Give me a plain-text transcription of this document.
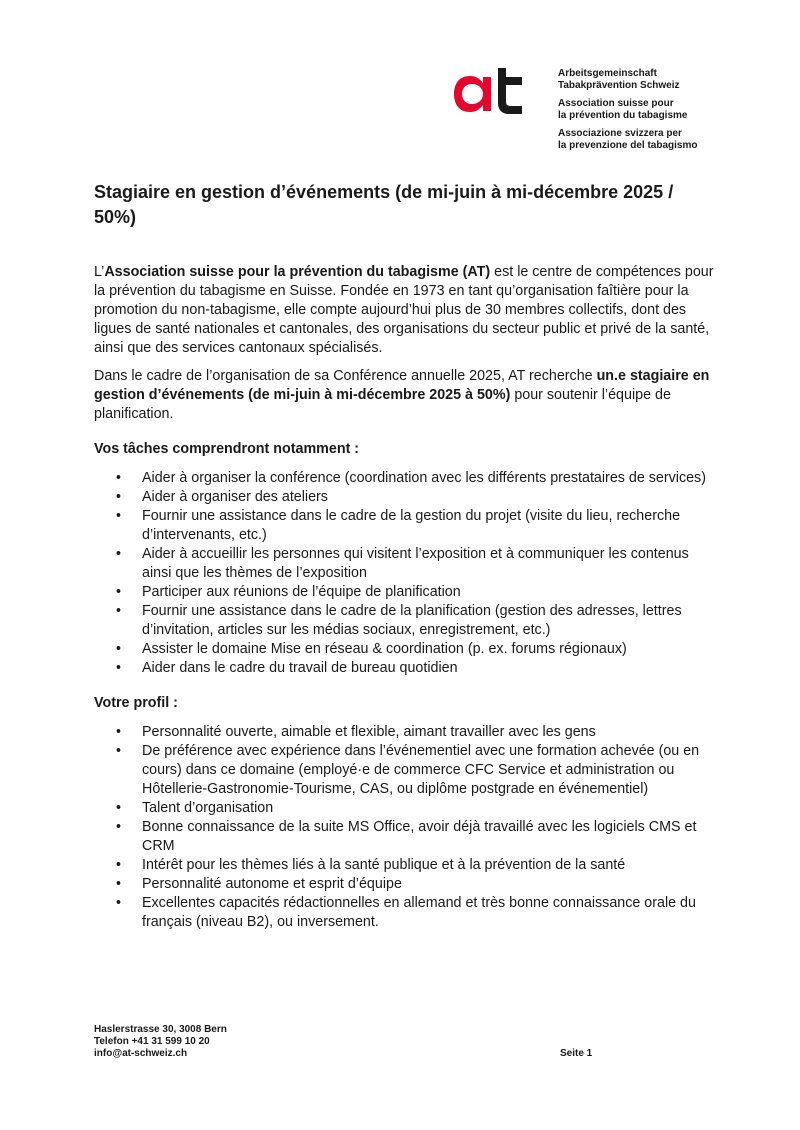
Arbeitsgemeinschaft
Tabakprävention Schweiz
Association suisse pour
la prévention du tabagisme
Associazione svizzera per
la prevenzione del tabagismo
Stagiaire en gestion d’événements (de mi-juin à mi-décembre 2025 / 50%)

L’Association suisse pour la prévention du tabagisme (AT) est le centre de compétences pour la prévention du tabagisme en Suisse. Fondée en 1973 en tant qu’organisation faîtière pour la promotion du non-tabagisme, elle compte aujourd’hui plus de 30 membres collectifs, dont des ligues de santé nationales et cantonales, des organisations du secteur public et privé de la santé, ainsi que des services cantonaux spécialisés.

Dans le cadre de l’organisation de sa Conférence annuelle 2025, AT recherche un.e stagiaire en gestion d’événements (de mi-juin à mi-décembre 2025 à 50%) pour soutenir l’équipe de planification.

Vos tâches comprendront notamment :
• Aider à organiser la conférence (coordination avec les différents prestataires de services)
• Aider à organiser des ateliers
• Fournir une assistance dans le cadre de la gestion du projet (visite du lieu, recherche d’intervenants, etc.)
• Aider à accueillir les personnes qui visitent l’exposition et à communiquer les contenus ainsi que les thèmes de l’exposition
• Participer aux réunions de l’équipe de planification
• Fournir une assistance dans le cadre de la planification (gestion des adresses, lettres d’invitation, articles sur les médias sociaux, enregistrement, etc.)
• Assister le domaine Mise en réseau & coordination (p. ex. forums régionaux)
• Aider dans le cadre du travail de bureau quotidien
Votre profil :
• Personnalité ouverte, aimable et flexible, aimant travailler avec les gens
• De préférence avec expérience dans l’événementiel avec une formation achevée (ou en cours) dans ce domaine (employé·e de commerce CFC Service et administration ou Hôtellerie-Gastronomie-Tourisme, CAS, ou diplôme postgrade en événementiel)
• Talent d’organisation
• Bonne connaissance de la suite MS Office, avoir déjà travaillé avec les logiciels CMS et CRM
• Intérêt pour les thèmes liés à la santé publique et à la prévention de la santé
• Personnalité autonome et esprit d’équipe
• Excellentes capacités rédactionnelles en allemand et très bonne connaissance orale du français (niveau B2), ou inversement.
Haslerstrasse 30, 3008 Bern
Telefon +41 31 599 10 20
info@at-schweiz.ch	Seite 1
